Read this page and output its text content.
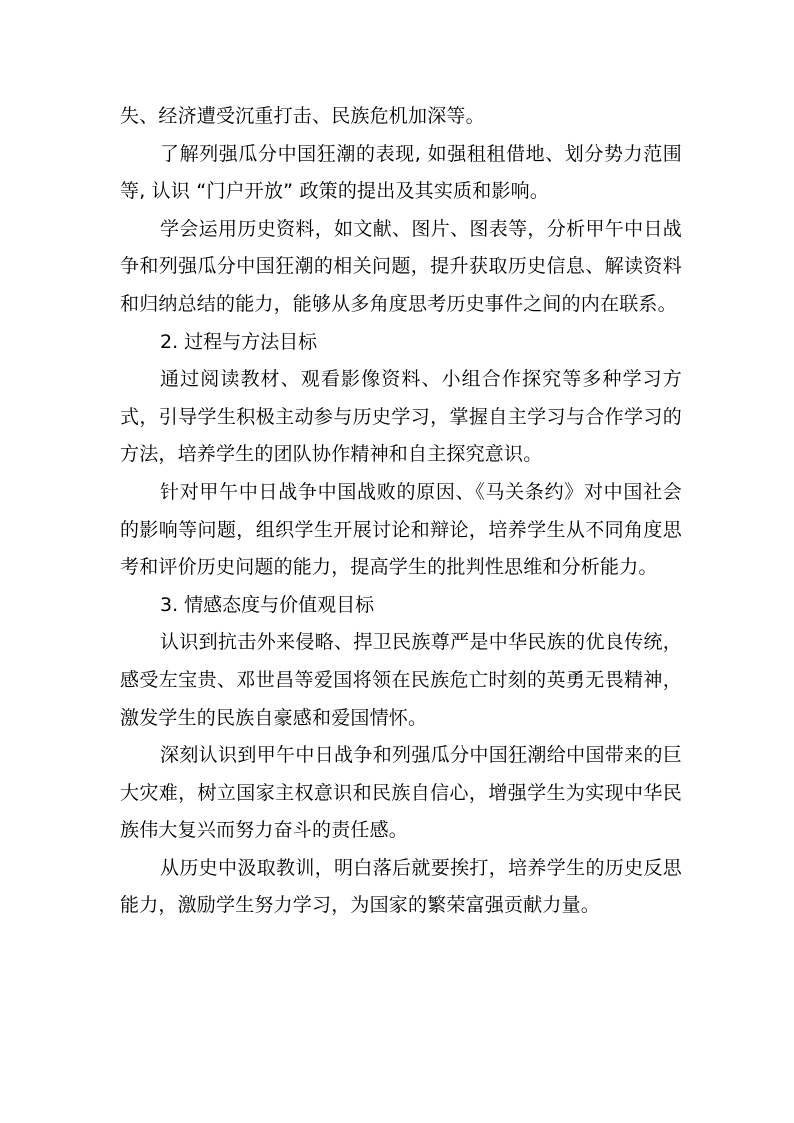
失、经济遭受沉重打击、民族危机加深等。

了解列强瓜分中国狂潮的表现, 如强租租借地、划分势力范围等, 认识 “门户开放” 政策的提出及其实质和影响。

学会运用历史资料，如文献、图片、图表等，分析甲午中日战争和列强瓜分中国狂潮的相关问题，提升获取历史信息、解读资料和归纳总结的能力，能够从多角度思考历史事件之间的内在联系。

2. 过程与方法目标

通过阅读教材、观看影像资料、小组合作探究等多种学习方式，引导学生积极主动参与历史学习，掌握自主学习与合作学习的方法，培养学生的团队协作精神和自主探究意识。

针对甲午中日战争中国战败的原因、《马关条约》对中国社会的影响等问题，组织学生开展讨论和辩论，培养学生从不同角度思考和评价历史问题的能力，提高学生的批判性思维和分析能力。

3. 情感态度与价值观目标

认识到抗击外来侵略、捍卫民族尊严是中华民族的优良传统，感受左宝贵、邓世昌等爱国将领在民族危亡时刻的英勇无畏精神，激发学生的民族自豪感和爱国情怀。

深刻认识到甲午中日战争和列强瓜分中国狂潮给中国带来的巨大灾难，树立国家主权意识和民族自信心，增强学生为实现中华民族伟大复兴而努力奋斗的责任感。

从历史中汲取教训，明白落后就要挨打，培养学生的历史反思能力，激励学生努力学习，为国家的繁荣富强贡献力量。
